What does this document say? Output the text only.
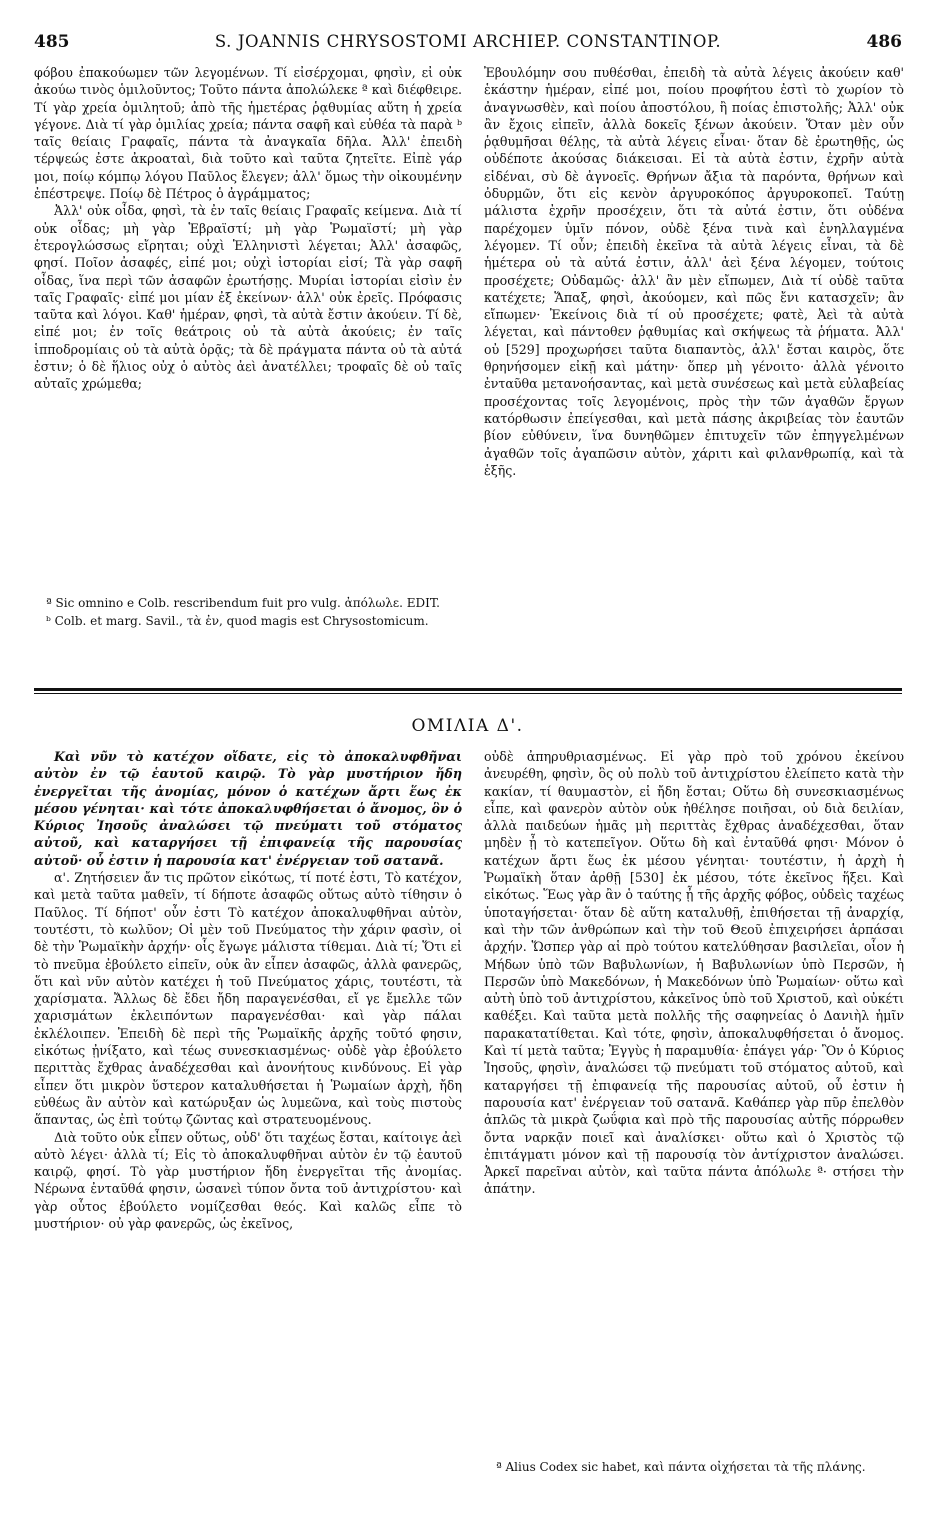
485	S. JOANNIS CHRYSOSTOMI ARCHIEP. CONSTANTINOP.	486

φόβου ἐπακούωμεν τῶν λεγομένων. Τί εἰσέρχομαι, φησὶν, εἰ οὐκ ἀκούω τινὸς ὁμιλοῦντος; Τοῦτο πάντα ἀπολώλεκε ª καὶ διέφθειρε. Τί γὰρ χρεία ὁμιλητοῦ; ἀπὸ τῆς ἡμετέρας ῥᾳθυμίας αὕτη ἡ χρεία γέγονε. Διὰ τί γὰρ ὁμιλίας χρεία; πάντα σαφῆ καὶ εὐθέα τὰ παρὰ ᵇ ταῖς θείαις Γραφαῖς, πάντα τὰ ἀναγκαῖα δῆλα. Ἀλλ' ἐπειδὴ τέρψεώς ἐστε ἀκροαταὶ, διὰ τοῦτο καὶ ταῦτα ζητεῖτε. Εἰπὲ γάρ μοι, ποίῳ κόμπῳ λόγου Παῦλος ἔλεγεν; ἀλλ' ὅμως τὴν οἰκουμένην ἐπέστρεψε. Ποίῳ δὲ Πέτρος ὁ ἀγράμματος;

Ἀλλ' οὐκ οἶδα, φησὶ, τὰ ἐν ταῖς θείαις Γραφαῖς κείμενα. Διὰ τί οὐκ οἶδας; μὴ γὰρ Ἑβραϊστί; μὴ γὰρ Ῥωμαϊστί; μὴ γὰρ ἑτερογλώσσως εἴρηται; οὐχὶ Ἑλληνιστὶ λέγεται; Ἀλλ' ἀσαφῶς, φησί. Ποῖον ἀσαφές, εἰπέ μοι; οὐχὶ ἱστορίαι εἰσί; Τὰ γὰρ σαφῆ οἶδας, ἵνα περὶ τῶν ἀσαφῶν ἐρωτήσῃς. Μυρίαι ἱστορίαι εἰσὶν ἐν ταῖς Γραφαῖς· εἰπέ μοι μίαν ἐξ ἐκείνων· ἀλλ' οὐκ ἐρεῖς. Πρόφασις ταῦτα καὶ λόγοι. Καθ' ἡμέραν, φησὶ, τὰ αὐτὰ ἔστιν ἀκούειν. Τί δὲ, εἰπέ μοι; ἐν τοῖς θεάτροις οὐ τὰ αὐτὰ ἀκούεις; ἐν ταῖς ἱπποδρομίαις οὐ τὰ αὐτὰ ὁρᾷς; τὰ δὲ πράγματα πάντα οὐ τὰ αὐτά ἐστιν; ὁ δὲ ἥλιος οὐχ ὁ αὐτὸς ἀεὶ ἀνατέλλει; τροφαῖς δὲ οὐ ταῖς αὐταῖς χρώμεθα;

Ἐβουλόμην σου πυθέσθαι, ἐπειδὴ τὰ αὐτὰ λέγεις ἀκούειν καθ' ἑκάστην ἡμέραν, εἰπέ μοι, ποίου προφήτου ἐστὶ τὸ χωρίον τὸ ἀναγνωσθὲν, καὶ ποίου ἀποστόλου, ἢ ποίας ἐπιστολῆς; Ἀλλ' οὐκ ἂν ἔχοις εἰπεῖν, ἀλλὰ δοκεῖς ξένων ἀκούειν. Ὅταν μὲν οὖν ῥᾳθυμῆσαι θέλῃς, τὰ αὐτὰ λέγεις εἶναι· ὅταν δὲ ἐρωτηθῇς, ὡς οὐδέποτε ἀκούσας διάκεισαι. Εἰ τὰ αὐτὰ ἐστιν, ἐχρῆν αὐτὰ εἰδέναι, σὺ δὲ ἀγνοεῖς. Θρήνων ἄξια τὰ παρόντα, θρήνων καὶ ὀδυρμῶν, ὅτι εἰς κενὸν ἀργυροκόπος ἀργυροκοπεῖ. Ταύτῃ μάλιστα ἐχρῆν προσέχειν, ὅτι τὰ αὐτά ἐστιν, ὅτι οὐδένα παρέχομεν ὑμῖν πόνον, οὐδὲ ξένα τινὰ καὶ ἐνηλλαγμένα λέγομεν. Τί οὖν; ἐπειδὴ ἐκεῖνα τὰ αὐτὰ λέγεις εἶναι, τὰ δὲ ἡμέτερα οὐ τὰ αὐτά ἐστιν, ἀλλ' ἀεὶ ξένα λέγομεν, τούτοις προσέχετε; Οὐδαμῶς· ἀλλ' ἂν μὲν εἴπωμεν, Διὰ τί οὐδὲ ταῦτα κατέχετε; Ἅπαξ, φησὶ, ἀκούομεν, καὶ πῶς ἔνι κατασχεῖν; ἂν εἴπωμεν· Ἐκείνοις διὰ τί οὐ προσέχετε; φατὲ, Ἀεὶ τὰ αὐτὰ λέγεται, καὶ πάντοθεν ῥᾳθυμίας καὶ σκήψεως τὰ ῥήματα. Ἀλλ' οὐ [529] προχωρήσει ταῦτα διαπαντὸς, ἀλλ' ἔσται καιρὸς, ὅτε θρηνήσομεν εἰκῇ καὶ μάτην· ὅπερ μὴ γένοιτο· ἀλλὰ γένοιτο ἐνταῦθα μετανοήσαντας, καὶ μετὰ συνέσεως καὶ μετὰ εὐλαβείας προσέχοντας τοῖς λεγομένοις, πρὸς τὴν τῶν ἀγαθῶν ἔργων κατόρθωσιν ἐπείγεσθαι, καὶ μετὰ πάσης ἀκριβείας τὸν ἑαυτῶν βίον εὐθύνειν, ἵνα δυνηθῶμεν ἐπιτυχεῖν τῶν ἐπηγγελμένων ἀγαθῶν τοῖς ἀγαπῶσιν αὐτὸν, χάριτι καὶ φιλανθρωπίᾳ, καὶ τὰ ἑξῆς.

ª Sic omnino e Colb. rescribendum fuit pro vulg. ἀπόλωλε. EDIT.

ᵇ Colb. et marg. Savil., τὰ ἐν, quod magis est Chrysostomicum.

ΟΜΙΛΙΑ Δ'.

Καὶ νῦν τὸ κατέχον οἴδατε, εἰς τὸ ἀποκαλυφθῆναι αὐτὸν ἐν τῷ ἑαυτοῦ καιρῷ. Τὸ γὰρ μυστήριον ἤδη ἐνεργεῖται τῆς ἀνομίας, μόνον ὁ κατέχων ἄρτι ἕως ἐκ μέσου γένηται· καὶ τότε ἀποκαλυφθήσεται ὁ ἄνομος, ὃν ὁ Κύριος Ἰησοῦς ἀναλώσει τῷ πνεύματι τοῦ στόματος αὐτοῦ, καὶ καταργήσει τῇ ἐπιφανείᾳ τῆς παρουσίας αὐτοῦ· οὗ ἐστιν ἡ παρουσία κατ' ἐνέργειαν τοῦ σατανᾶ.

α'. Ζητήσειεν ἄν τις πρῶτον εἰκότως, τί ποτέ ἐστι, Τὸ κατέχον, καὶ μετὰ ταῦτα μαθεῖν, τί δήποτε ἀσαφῶς οὕτως αὐτὸ τίθησιν ὁ Παῦλος. Τί δήποτ' οὖν ἐστι Τὸ κατέχον ἀποκαλυφθῆναι αὐτὸν, τουτέστι, τὸ κωλῦον; Οἱ μὲν τοῦ Πνεύματος τὴν χάριν φασὶν, οἱ δὲ τὴν Ῥωμαϊκὴν ἀρχήν· οἷς ἔγωγε μάλιστα τίθεμαι. Διὰ τί; Ὅτι εἰ τὸ πνεῦμα ἐβούλετο εἰπεῖν, οὐκ ἂν εἶπεν ἀσαφῶς, ἀλλὰ φανερῶς, ὅτι καὶ νῦν αὐτὸν κατέχει ἡ τοῦ Πνεύματος χάρις, τουτέστι, τὰ χαρίσματα. Ἄλλως δὲ ἔδει ἤδη παραγενέσθαι, εἴ γε ἔμελλε τῶν χαρισμάτων ἐκλειπόντων παραγενέσθαι· καὶ γὰρ πάλαι ἐκλέλοιπεν. Ἐπειδὴ δὲ περὶ τῆς Ῥωμαϊκῆς ἀρχῆς τοῦτό φησιν, εἰκότως ᾐνίξατο, καὶ τέως συνεσκιασμένως· οὐδὲ γὰρ ἐβούλετο περιττὰς ἔχθρας ἀναδέχεσθαι καὶ ἀνονήτους κινδύνους. Εἰ γὰρ εἶπεν ὅτι μικρὸν ὕστερον καταλυθήσεται ἡ Ῥωμαίων ἀρχὴ, ἤδη εὐθέως ἂν αὐτὸν καὶ κατώρυξαν ὡς λυμεῶνα, καὶ τοὺς πιστοὺς ἅπαντας, ὡς ἐπὶ τούτῳ ζῶντας καὶ στρατευομένους.

Διὰ τοῦτο οὐκ εἶπεν οὕτως, οὐδ' ὅτι ταχέως ἔσται, καίτοιγε ἀεὶ αὐτὸ λέγει· ἀλλὰ τί; Εἰς τὸ ἀποκαλυφθῆναι αὐτὸν ἐν τῷ ἑαυτοῦ καιρῷ, φησί. Τὸ γὰρ μυστήριον ἤδη ἐνεργεῖται τῆς ἀνομίας. Νέρωνα ἐνταῦθά φησιν, ὡσανεὶ τύπον ὄντα τοῦ ἀντιχρίστου· καὶ γὰρ οὗτος ἐβούλετο νομίζεσθαι θεός. Καὶ καλῶς εἶπε τὸ μυστήριον· οὐ γὰρ φανερῶς, ὡς ἐκεῖνος,

οὐδὲ ἀπηρυθριασμένως. Εἰ γὰρ πρὸ τοῦ χρόνου ἐκείνου ἀνευρέθη, φησὶν, ὃς οὐ πολὺ τοῦ ἀντιχρίστου ἐλείπετο κατὰ τὴν κακίαν, τί θαυμαστὸν, εἰ ἤδη ἔσται; Οὕτω δὴ συνεσκιασμένως εἶπε, καὶ φανερὸν αὐτὸν οὐκ ἠθέλησε ποιῆσαι, οὐ διὰ δειλίαν, ἀλλὰ παιδεύων ἡμᾶς μὴ περιττὰς ἔχθρας ἀναδέχεσθαι, ὅταν μηδὲν ᾖ τὸ κατεπεῖγον. Οὕτω δὴ καὶ ἐνταῦθά φησι· Μόνον ὁ κατέχων ἄρτι ἕως ἐκ μέσου γένηται· τουτέστιν, ἡ ἀρχὴ ἡ Ῥωμαϊκὴ ὅταν ἀρθῇ [530] ἐκ μέσου, τότε ἐκεῖνος ἥξει. Καὶ εἰκότως. Ἕως γὰρ ἂν ὁ ταύτης ᾖ τῆς ἀρχῆς φόβος, οὐδεὶς ταχέως ὑποταγήσεται· ὅταν δὲ αὕτη καταλυθῇ, ἐπιθήσεται τῇ ἀναρχίᾳ, καὶ τὴν τῶν ἀνθρώπων καὶ τὴν τοῦ Θεοῦ ἐπιχειρήσει ἁρπάσαι ἀρχήν. Ὥσπερ γὰρ αἱ πρὸ τούτου κατελύθησαν βασιλεῖαι, οἷον ἡ Μήδων ὑπὸ τῶν Βαβυλωνίων, ἡ Βαβυλωνίων ὑπὸ Περσῶν, ἡ Περσῶν ὑπὸ Μακεδόνων, ἡ Μακεδόνων ὑπὸ Ῥωμαίων· οὕτω καὶ αὐτὴ ὑπὸ τοῦ ἀντιχρίστου, κἀκεῖνος ὑπὸ τοῦ Χριστοῦ, καὶ οὐκέτι καθέξει. Καὶ ταῦτα μετὰ πολλῆς τῆς σαφηνείας ὁ Δανιὴλ ἡμῖν παρακατατίθεται. Καὶ τότε, φησὶν, ἀποκαλυφθήσεται ὁ ἄνομος. Καὶ τί μετὰ ταῦτα; Ἐγγὺς ἡ παραμυθία· ἐπάγει γάρ· Ὃν ὁ Κύριος Ἰησοῦς, φησὶν, ἀναλώσει τῷ πνεύματι τοῦ στόματος αὐτοῦ, καὶ καταργήσει τῇ ἐπιφανείᾳ τῆς παρουσίας αὐτοῦ, οὗ ἐστιν ἡ παρουσία κατ' ἐνέργειαν τοῦ σατανᾶ. Καθάπερ γὰρ πῦρ ἐπελθὸν ἁπλῶς τὰ μικρὰ ζωΰφια καὶ πρὸ τῆς παρουσίας αὐτῆς πόρρωθεν ὄντα ναρκᾷν ποιεῖ καὶ ἀναλίσκει· οὕτω καὶ ὁ Χριστὸς τῷ ἐπιτάγματι μόνον καὶ τῇ παρουσίᾳ τὸν ἀντίχριστον ἀναλώσει. Ἀρκεῖ παρεῖναι αὐτὸν, καὶ ταῦτα πάντα ἀπόλωλε ª· στήσει τὴν ἀπάτην.

ª Alius Codex sic habet, καὶ πάντα οἰχήσεται τὰ τῆς πλάνης.
